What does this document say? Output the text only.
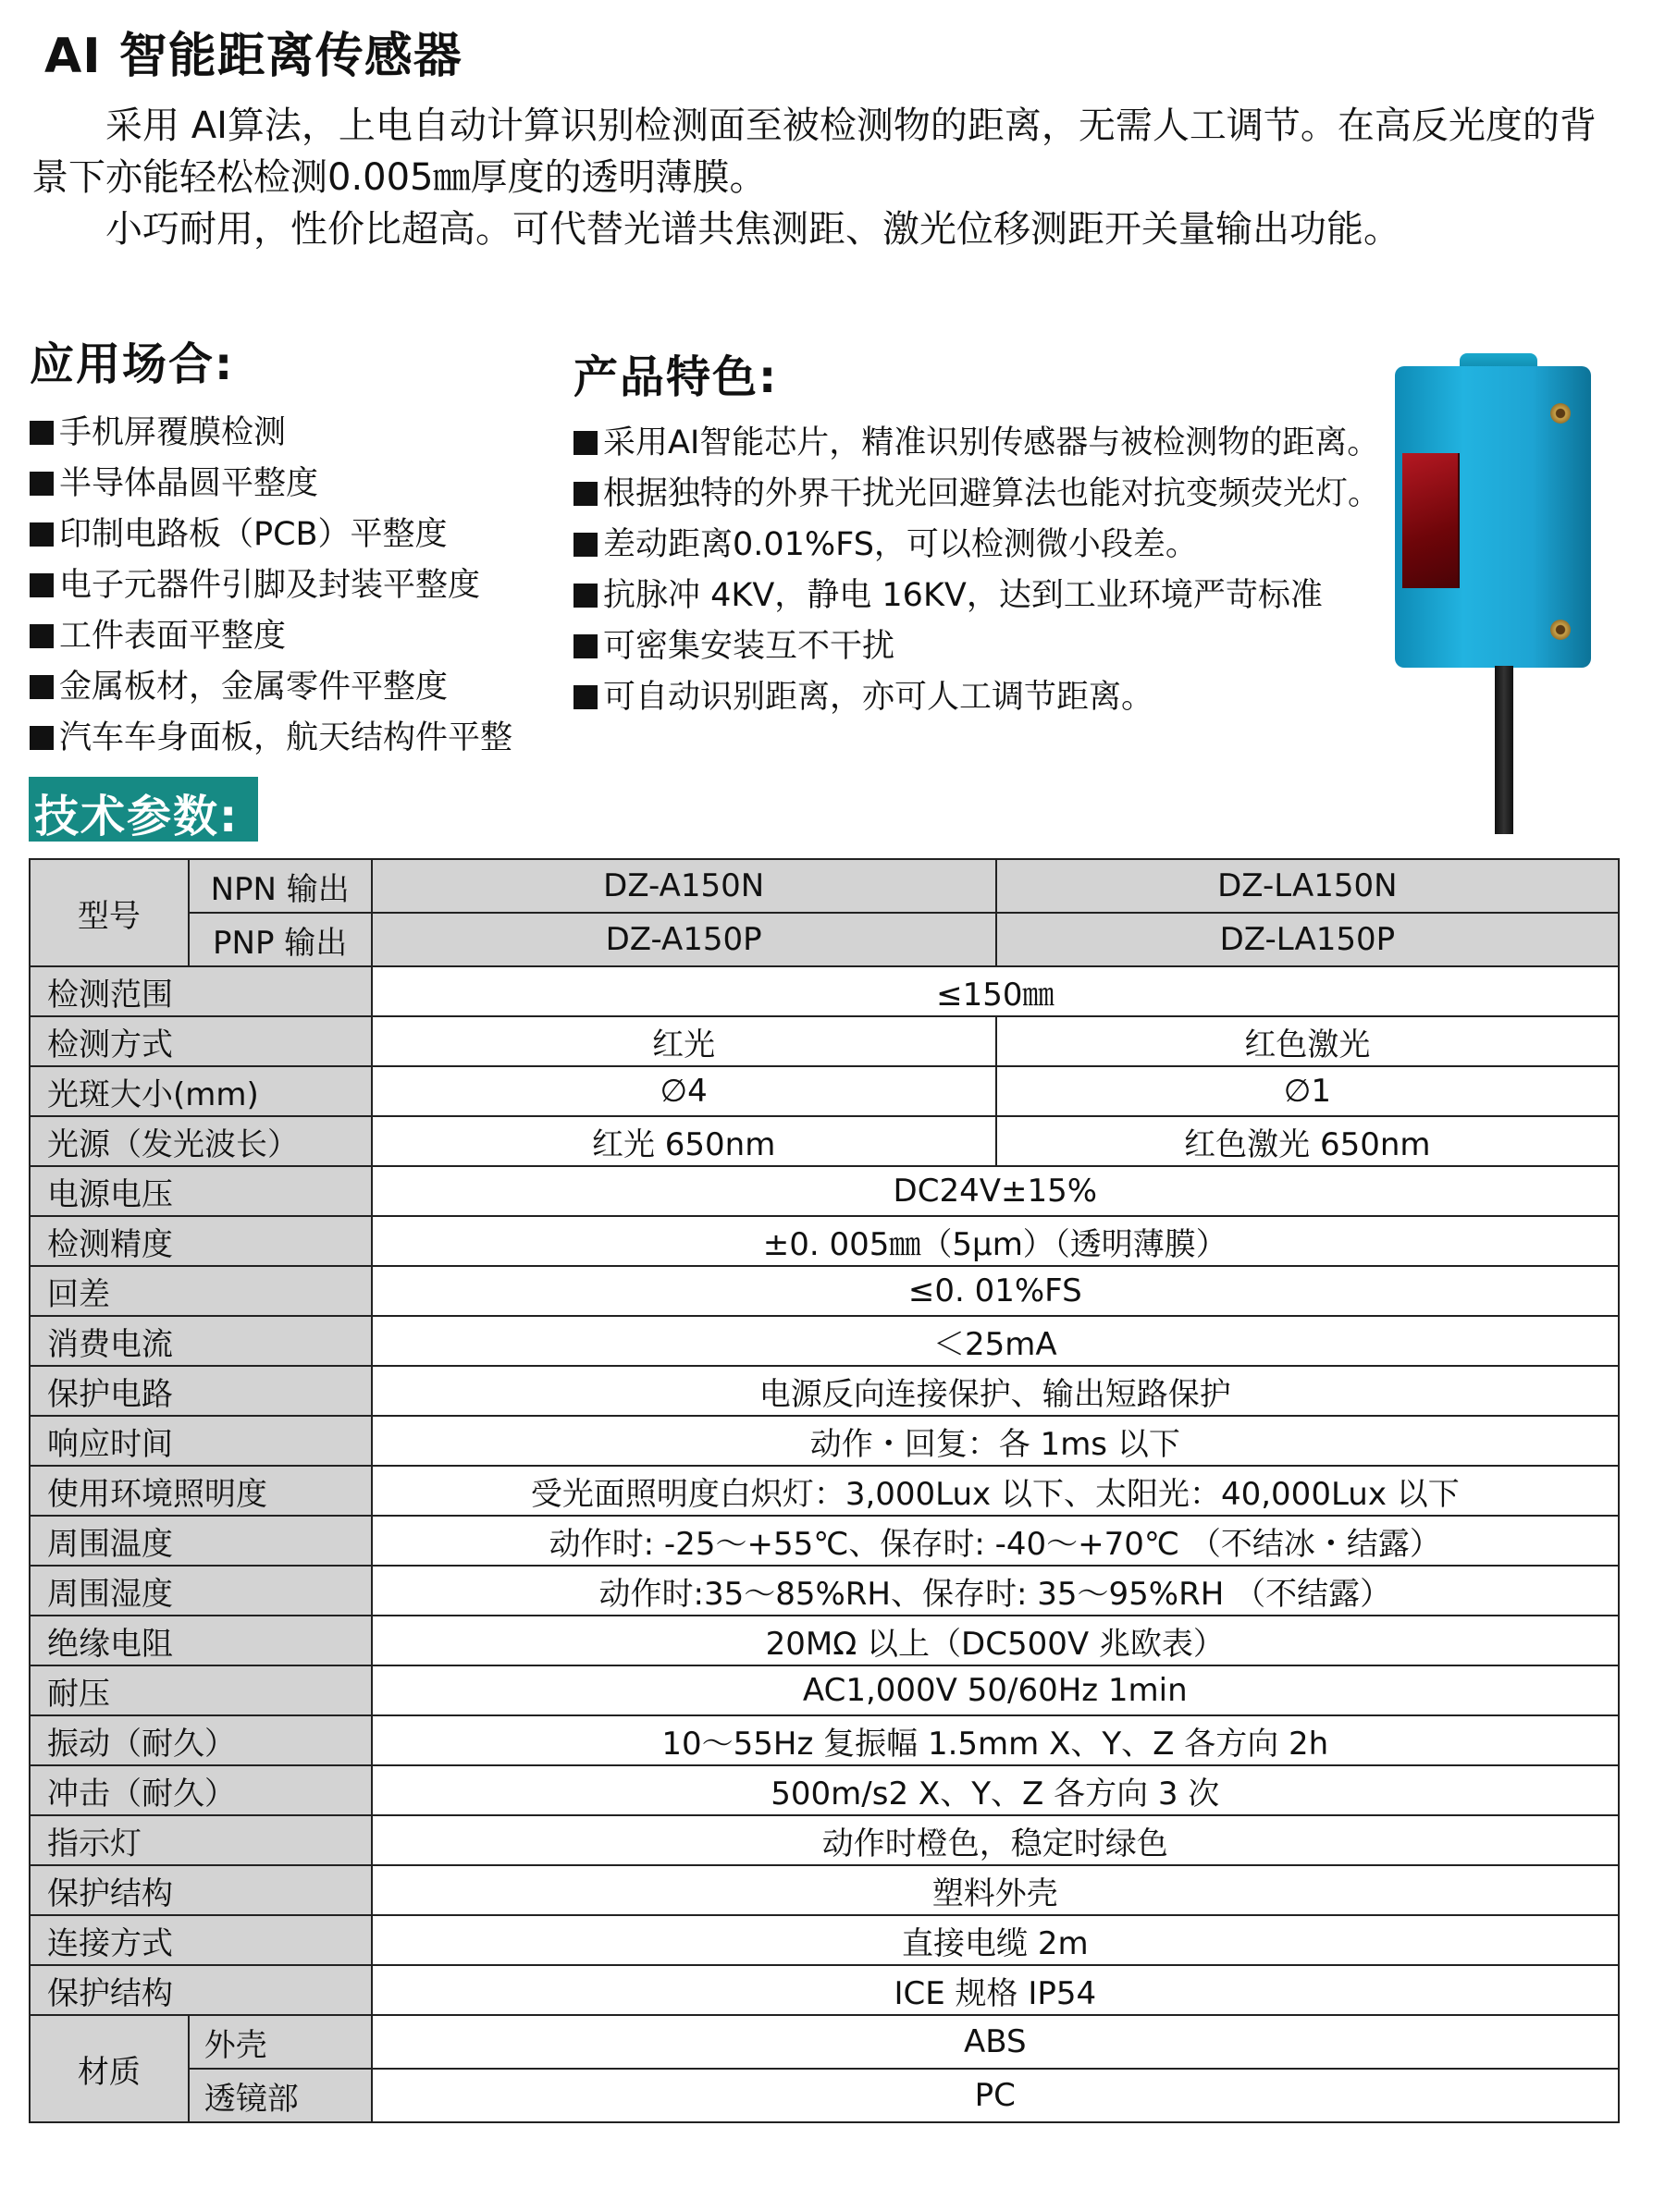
AI 智能距离传感器

采用 AI算法，上电自动计算识别检测面至被检测物的距离，无需人工调节。在高反光度的背景下亦能轻松检测0.005㎜厚度的透明薄膜。

小巧耐用，性价比超高。可代替光谱共焦测距、激光位移测距开关量输出功能。

应用场合:
手机屏覆膜检测
半导体晶圆平整度
印制电路板（PCB）平整度
电子元器件引脚及封装平整度
工件表面平整度
金属板材，金属零件平整度
汽车车身面板，航天结构件平整
产品特色:
采用AI智能芯片，精准识别传感器与被检测物的距离。
根据独特的外界干扰光回避算法也能对抗变频荧光灯。
差动距离0.01%FS，可以检测微小段差。
抗脉冲 4KV，静电 16KV，达到工业环境严苛标准
可密集安装互不干扰
可自动识别距离，亦可人工调节距离。
技术参数:
型号	NPN 输出	DZ-A150N	DZ-LA150N
	PNP 输出	DZ-A150P	DZ-LA150P
检测范围		≤150㎜	
检测方式		红光	红色激光
光斑大小(mm)		∅4	∅1
光源（发光波长）		红光 650nm	红色激光 650nm
电源电压		DC24V±15%	
检测精度		±0. 005㎜（5μm）（透明薄膜）	
回差		≤0. 01%FS	
消费电流		＜25mA	
保护电路		电源反向连接保护、输出短路保护	
响应时间		动作・回复：各 1ms 以下	
使用环境照明度		受光面照明度白炽灯：3,000Lux 以下、太阳光：40,000Lux 以下	
周围温度		动作时: -25～+55℃、保存时: -40～+70℃ （不结冰・结露）	
周围湿度		动作时:35～85%RH、保存时: 35～95%RH （不结露）	
绝缘电阻		20MΩ 以上（DC500V 兆欧表）	
耐压		AC1,000V 50/60Hz 1min	
振动（耐久）		10～55Hz 复振幅 1.5mm X、Y、Z 各方向 2h	
冲击（耐久）		500m/s2 X、Y、Z 各方向 3 次	
指示灯		动作时橙色，稳定时绿色	
保护结构		塑料外壳	
连接方式		直接电缆 2m	
保护结构		ICE 规格 IP54	
材质	外壳	ABS	
	透镜部	PC	
